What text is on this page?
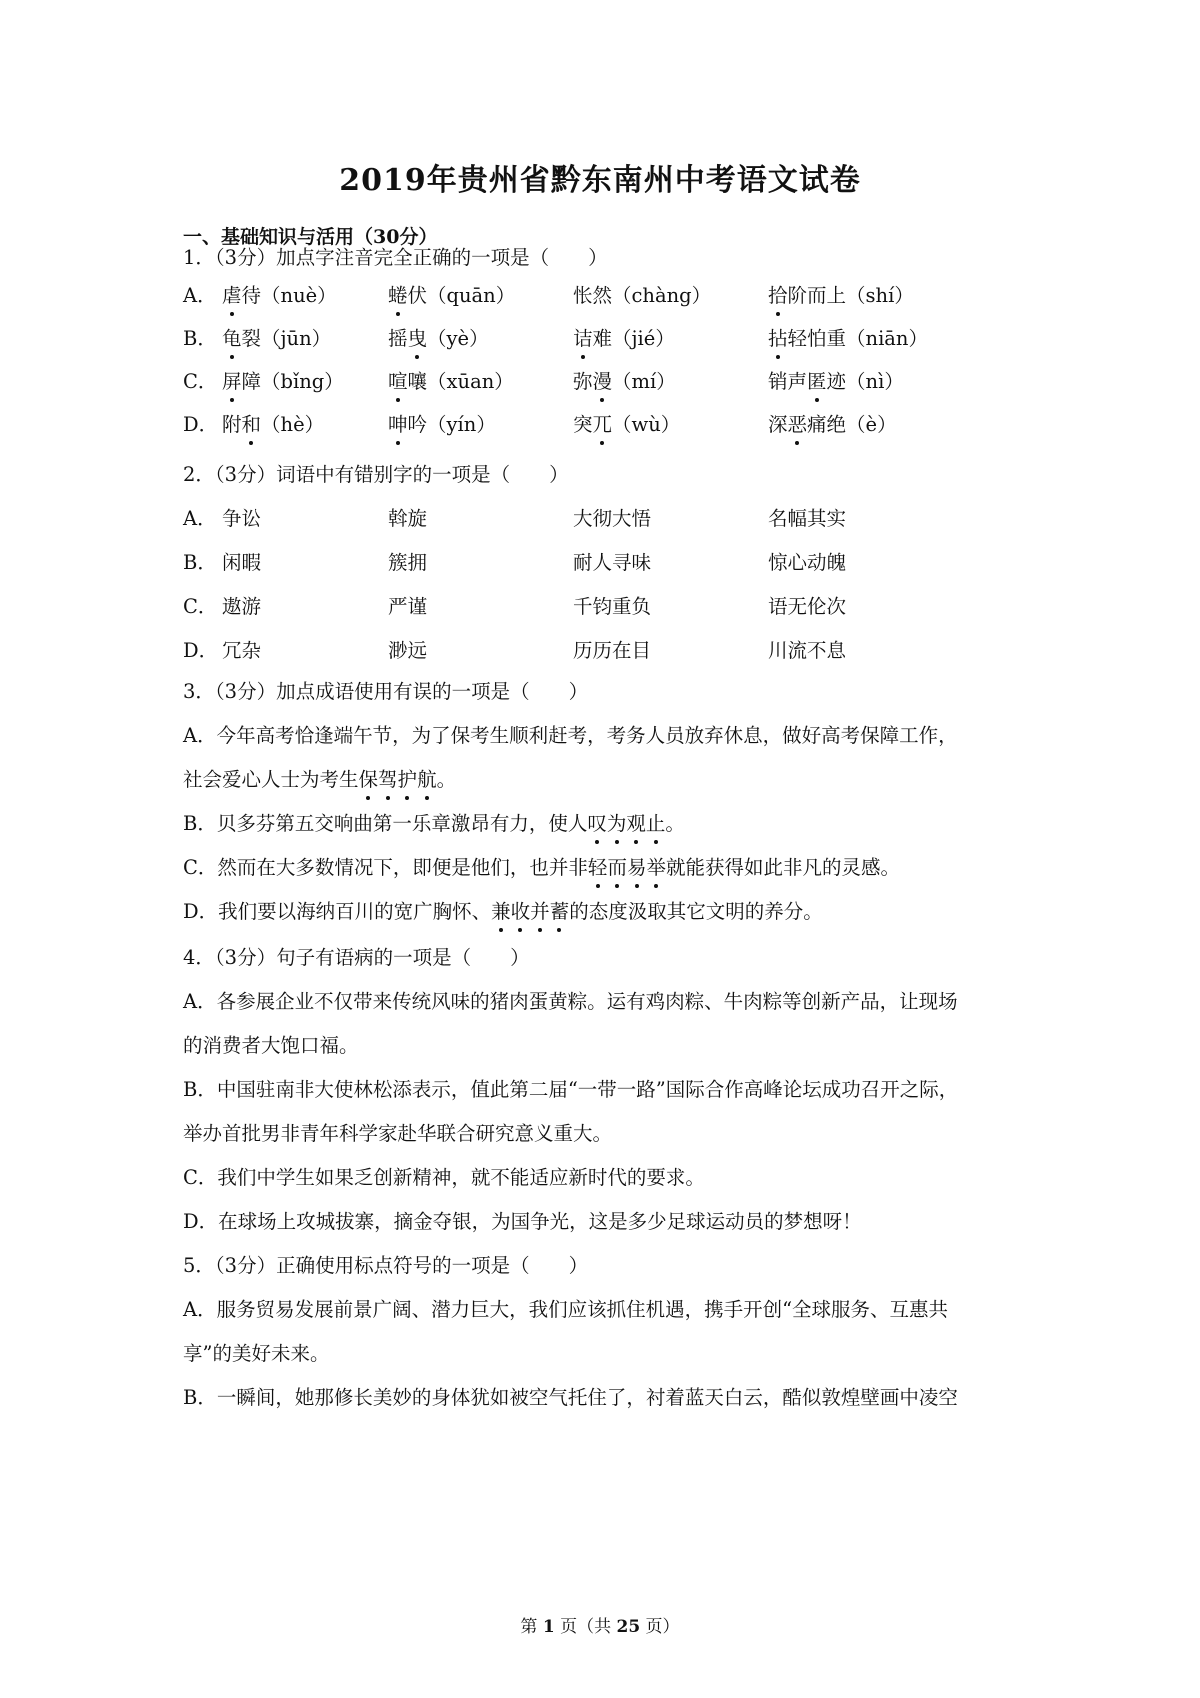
2019年贵州省黔东南州中考语文试卷
一、基础知识与活用（30分）
1．（3分）加点字注音完全正确的一项是（　　）
A． 虐待（nuè）	蜷伏（quān）	怅然（chàng）	拾阶而上（shí）
B． 龟裂（jūn）	摇曳（yè）	诘难（jié）	拈轻怕重（niān）
C． 屏障（bǐng） 喧嚷（xūan）	弥漫（mí）	销声匿迹（nì）
D． 附和（hè）	呻吟（yín）	突兀（wù）	深恶痛绝（è）
2．（3分）词语中有错别字的一项是（　　）
A． 争讼	斡旋	大彻大悟	名幅其实
B． 闲暇	簇拥	耐人寻味	惊心动魄
C． 遨游	严谨	千钧重负	语无伦次
D． 冗杂	渺远	历历在目	川流不息
3．（3分）加点成语使用有误的一项是（　　）
A．今年高考恰逢端午节，为了保考生顺利赶考，考务人员放弃休息，做好高考保障工作，
社会爱心人士为考生保驾护航。
B．贝多芬第五交响曲第一乐章激昂有力，使人叹为观止。
C．然而在大多数情况下，即便是他们，也并非轻而易举就能获得如此非凡的灵感。
D．我们要以海纳百川的宽广胸怀、兼收并蓄的态度汲取其它文明的养分。
4．（3分）句子有语病的一项是（　　）
A．各参展企业不仅带来传统风味的猪肉蛋黄粽。运有鸡肉粽、牛肉粽等创新产品，让现场
的消费者大饱口福。
B．中国驻南非大使林松添表示，值此第二届“一带一路”国际合作高峰论坛成功召开之际，
举办首批男非青年科学家赴华联合研究意义重大。
C．我们中学生如果乏创新精神，就不能适应新时代的要求。
D．在球场上攻城拔寨，摘金夺银，为国争光，这是多少足球运动员的梦想呀！
5．（3分）正确使用标点符号的一项是（　　）
A．服务贸易发展前景广阔、潜力巨大，我们应该抓住机遇，携手开创“全球服务、互惠共
享”的美好未来。
B．一瞬间，她那修长美妙的身体犹如被空气托住了，衬着蓝天白云，酷似敦煌壁画中凌空
第 1 页（共 25 页）
